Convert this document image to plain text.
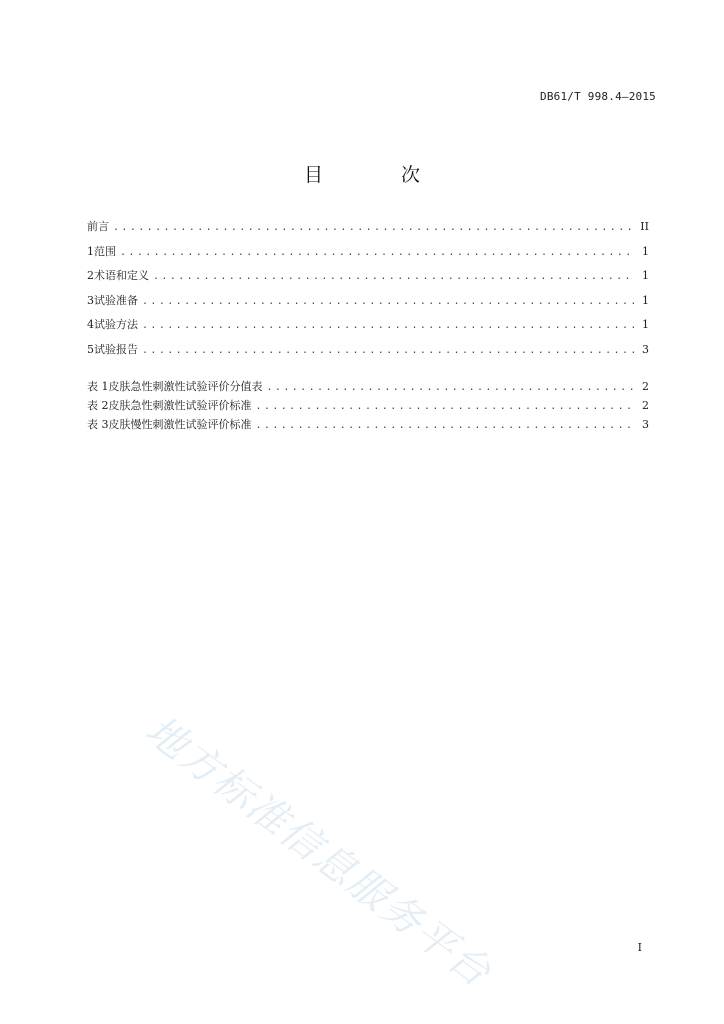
DB61/T 998.4—2015
目 次
前言 .....	II
1 范围 .....	1
2 术语和定义 .....	1
3 试验准备 .....	1
4 试验方法 .....	1
5 试验报告 .....	3
表 1 皮肤急性刺激性试验评价分值表 .....	2
表 2 皮肤急性刺激性试验评价标准 .....	2
表 3 皮肤慢性刺激性试验评价标准 .....	3
地方标准信息服务平台	I
